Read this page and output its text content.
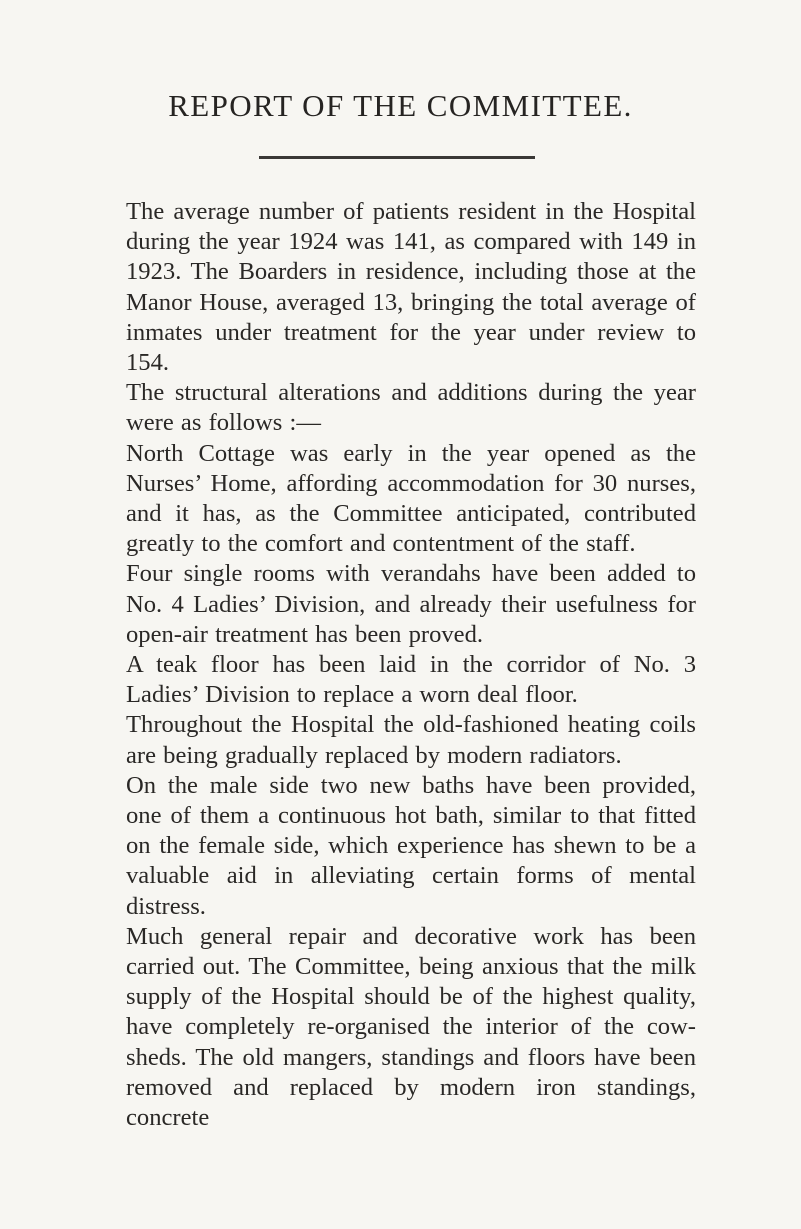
REPORT OF THE COMMITTEE.

The average number of patients resident in the Hospital during the year 1924 was 141, as compared with 149 in 1923. The Boarders in residence, including those at the Manor House, averaged 13, bringing the total average of inmates under treatment for the year under review to 154.

The structural alterations and additions during the year were as follows :—

North Cottage was early in the year opened as the Nurses’ Home, affording accommodation for 30 nurses, and it has, as the Committee anticipated, contributed greatly to the comfort and contentment of the staff.

Four single rooms with verandahs have been added to No. 4 Ladies’ Division, and already their usefulness for open-air treatment has been proved.

A teak floor has been laid in the corridor of No. 3 Ladies’ Division to replace a worn deal floor.

Throughout the Hospital the old-fashioned heating coils are being gradually replaced by modern radiators.

On the male side two new baths have been provided, one of them a continuous hot bath, similar to that fitted on the female side, which experience has shewn to be a valuable aid in alleviating certain forms of mental distress.

Much general repair and decorative work has been carried out. The Committee, being anxious that the milk supply of the Hospital should be of the highest quality, have completely re-organised the interior of the cow-sheds. The old mangers, standings and floors have been removed and replaced by modern iron standings, concrete
